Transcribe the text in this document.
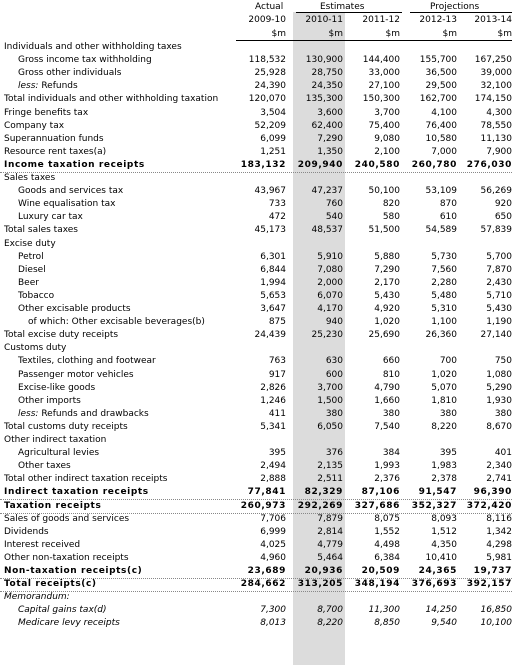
Actual	Estimates	Projections
2009-10	2010-11	2011-12	2012-13	2013-14
$m	$m	$m	$m	$m
Individuals and other withholding taxes
Gross income tax withholding	118,532	130,900	144,400	155,700	167,250
Gross other individuals	25,928	28,750	33,000	36,500	39,000
less: Refunds	24,390	24,350	27,100	29,500	32,100
Total individuals and other withholding taxation	120,070	135,300	150,300	162,700	174,150
Fringe benefits tax	3,504	3,600	3,700	4,100	4,300
Company tax	52,209	62,400	75,400	76,400	78,550
Superannuation funds	6,099	7,290	9,080	10,580	11,130
Resource rent taxes(a)	1,251	1,350	2,100	7,000	7,900
Income taxation receipts	183,132	209,940	240,580	260,780	276,030
Sales taxes
Goods and services tax	43,967	47,237	50,100	53,109	56,269
Wine equalisation tax	733	760	820	870	920
Luxury car tax	472	540	580	610	650
Total sales taxes	45,173	48,537	51,500	54,589	57,839
Excise duty
Petrol	6,301	5,910	5,880	5,730	5,700
Diesel	6,844	7,080	7,290	7,560	7,870
Beer	1,994	2,000	2,170	2,280	2,430
Tobacco	5,653	6,070	5,430	5,480	5,710
Other excisable products	3,647	4,170	4,920	5,310	5,430
of which: Other excisable beverages(b)	875	940	1,020	1,100	1,190
Total excise duty receipts	24,439	25,230	25,690	26,360	27,140
Customs duty
Textiles, clothing and footwear	763	630	660	700	750
Passenger motor vehicles	917	600	810	1,020	1,080
Excise-like goods	2,826	3,700	4,790	5,070	5,290
Other imports	1,246	1,500	1,660	1,810	1,930
less: Refunds and drawbacks	411	380	380	380	380
Total customs duty receipts	5,341	6,050	7,540	8,220	8,670
Other indirect taxation
Agricultural levies	395	376	384	395	401
Other taxes	2,494	2,135	1,993	1,983	2,340
Total other indirect taxation receipts	2,888	2,511	2,376	2,378	2,741
Indirect taxation receipts	77,841	82,329	87,106	91,547	96,390
Taxation receipts	260,973	292,269	327,686	352,327	372,420
Sales of goods and services	7,706	7,879	8,075	8,093	8,116
Dividends	6,999	2,814	1,552	1,512	1,342
Interest received	4,025	4,779	4,498	4,350	4,298
Other non-taxation receipts	4,960	5,464	6,384	10,410	5,981
Non-taxation receipts(c)	23,689	20,936	20,509	24,365	19,737
Total receipts(c)	284,662	313,205	348,194	376,693	392,157
Memorandum:
Capital gains tax(d)	7,300	8,700	11,300	14,250	16,850
Medicare levy receipts	8,013	8,220	8,850	9,540	10,100
